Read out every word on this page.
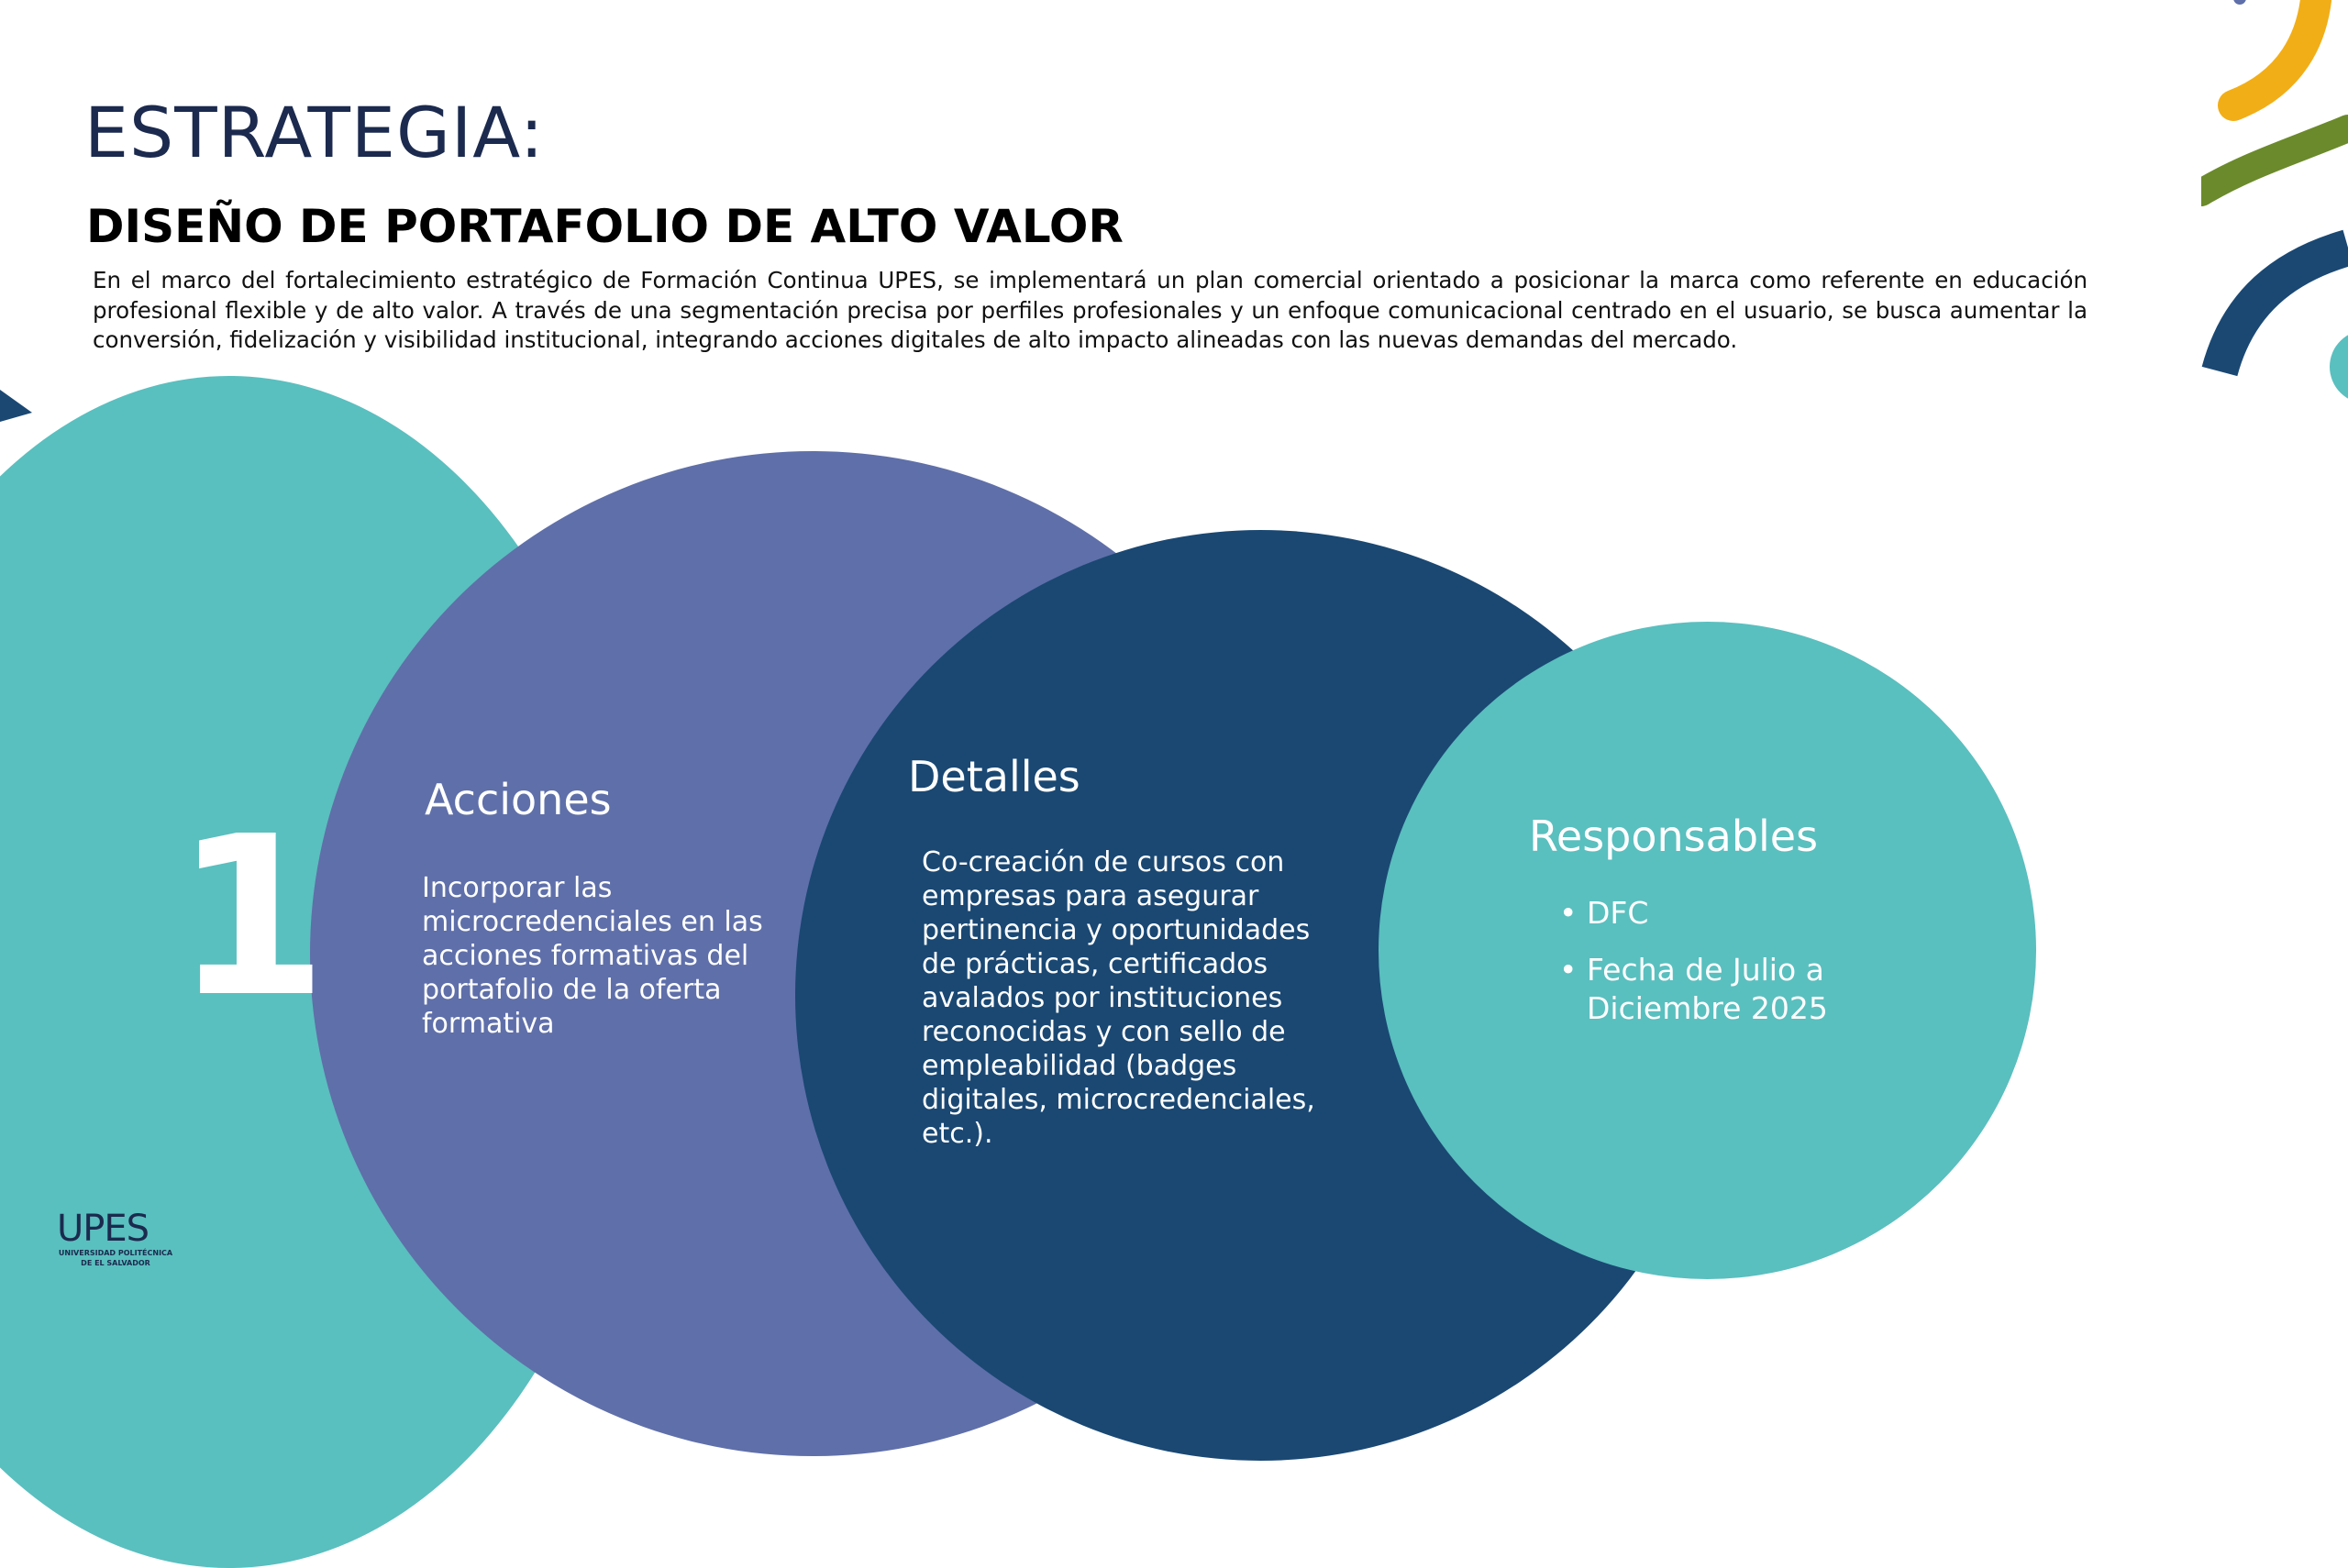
ESTRATEGIA:
DISEÑO DE PORTAFOLIO DE ALTO VALOR

En el marco del fortalecimiento estratégico de Formación Continua UPES, se implementará un plan comercial orientado a posicionar la marca como referente en educación profesional flexible y de alto valor. A través de una segmentación precisa por perfiles profesionales y un enfoque comunicacional centrado en el usuario, se busca aumentar la conversión, fidelización y visibilidad institucional, integrando acciones digitales de alto impacto alineadas con las nuevas demandas del mercado.

1 Acciones

Incorporar las microcredenciales en las acciones formativas del portafolio de la oferta formativa

Detalles

Co-creación de cursos con empresas para asegurar pertinencia y oportunidades de prácticas, certificados avalados por instituciones reconocidas y con sello de empleabilidad (badges digitales, microcredenciales, etc.).

Responsables
• DFC
• Fecha de Julio a Diciembre 2025

UPES

UNIVERSIDAD POLITÉCNICA

DE EL SALVADOR
